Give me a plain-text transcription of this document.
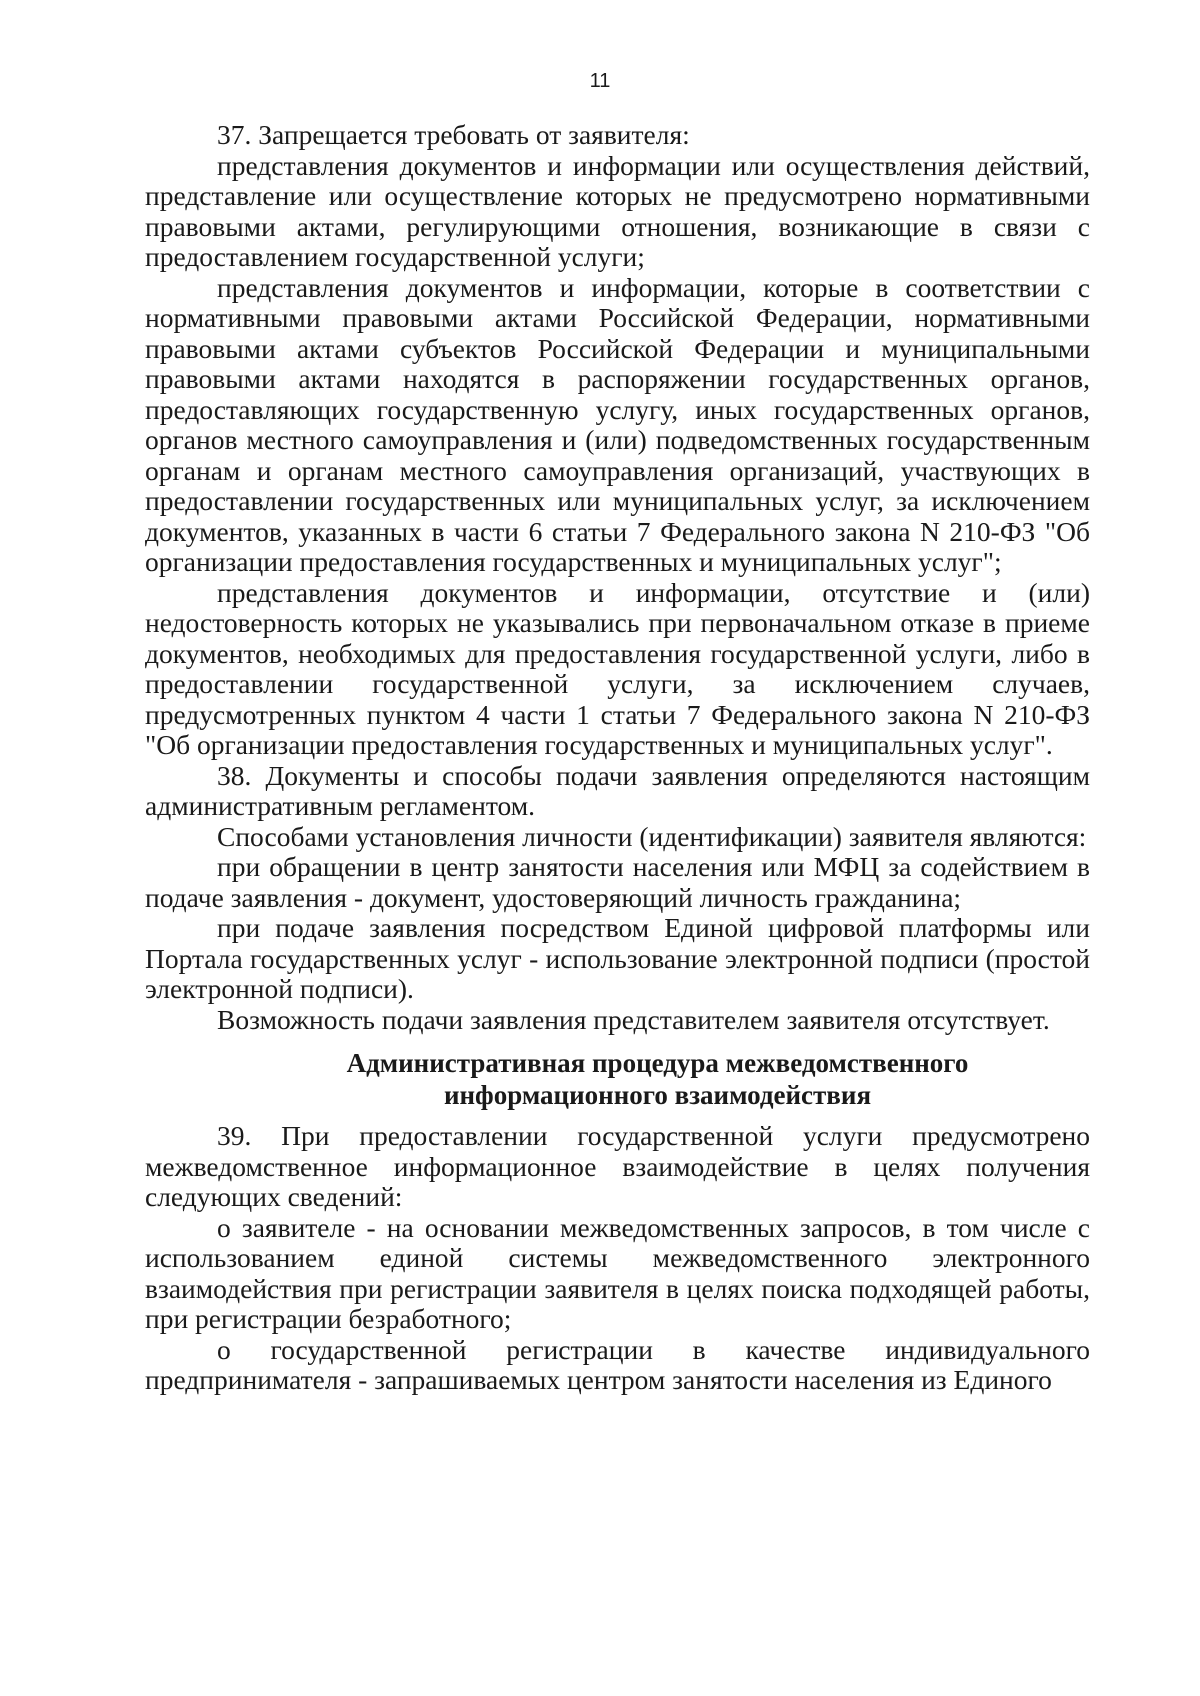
11

37. Запрещается требовать от заявителя:

представления документов и информации или осуществления действий, представление или осуществление которых не предусмотрено нормативными правовыми актами, регулирующими отношения, возникающие в связи с предоставлением государственной услуги;

представления документов и информации, которые в соответствии с нормативными правовыми актами Российской Федерации, нормативными правовыми актами субъектов Российской Федерации и муниципальными правовыми актами находятся в распоряжении государственных органов, предоставляющих государственную услугу, иных государственных органов, органов местного самоуправления и (или) подведомственных государственным органам и органам местного самоуправления организаций, участвующих в предоставлении государственных или муниципальных услуг, за исключением документов, указанных в части 6 статьи 7 Федерального закона N 210-ФЗ "Об организации предоставления государственных и муниципальных услуг";

представления документов и информации, отсутствие и (или) недостоверность которых не указывались при первоначальном отказе в приеме документов, необходимых для предоставления государственной услуги, либо в предоставлении государственной услуги, за исключением случаев, предусмотренных пунктом 4 части 1 статьи 7 Федерального закона N 210-ФЗ "Об организации предоставления государственных и муниципальных услуг".

38. Документы и способы подачи заявления определяются настоящим административным регламентом.

Способами установления личности (идентификации) заявителя являются:

при обращении в центр занятости населения или МФЦ за содействием в подаче заявления - документ, удостоверяющий личность гражданина;

при подаче заявления посредством Единой цифровой платформы или Портала государственных услуг - использование электронной подписи (простой электронной подписи).

Возможность подачи заявления представителем заявителя отсутствует.

Административная процедура межведомственного
информационного взаимодействия

39. При предоставлении государственной услуги предусмотрено межведомственное информационное взаимодействие в целях получения следующих сведений:

о заявителе - на основании межведомственных запросов, в том числе с использованием единой системы межведомственного электронного взаимодействия при регистрации заявителя в целях поиска подходящей работы, при регистрации безработного;

о государственной регистрации в качестве индивидуального предпринимателя - запрашиваемых центром занятости населения из Единого
